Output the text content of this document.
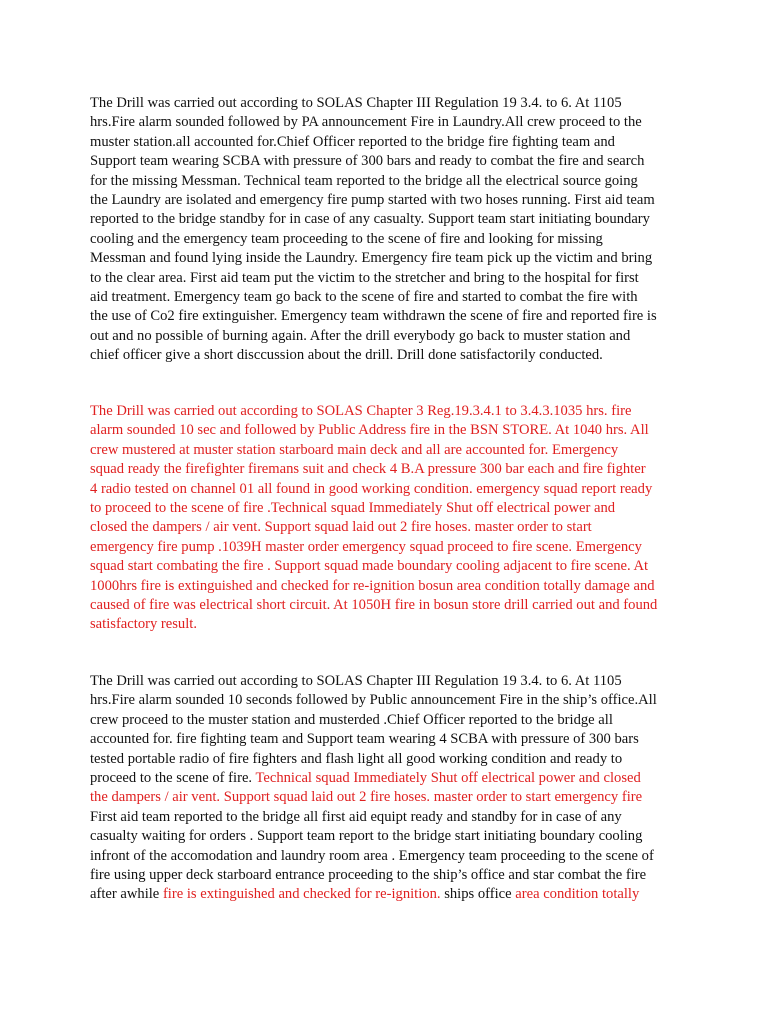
The Drill was carried out according to SOLAS Chapter III Regulation 19 3.4. to 6. At 1105
hrs.Fire alarm sounded followed by PA announcement Fire in Laundry.All crew proceed to the
muster station.all accounted for.Chief Officer reported to the bridge fire fighting team and
Support team wearing SCBA with pressure of 300 bars and ready to combat the fire and search
for the missing Messman. Technical team reported to the bridge all the electrical source going
the Laundry are isolated and emergency fire pump started with two hoses running. First aid team
reported to the bridge standby for in case of any casualty. Support team start initiating boundary
cooling and the emergency team proceeding to the scene of fire and looking for missing
Messman and found lying inside the Laundry. Emergency fire team pick up the victim and bring
to the clear area. First aid team put the victim to the stretcher and bring to the hospital for first
aid treatment. Emergency team go back to the scene of fire and started to combat the fire with
the use of Co2 fire extinguisher. Emergency team withdrawn the scene of fire and reported fire is
out and no possible of burning again. After the drill everybody go back to muster station and
chief officer give a short disccussion about the drill. Drill done satisfactorily conducted.
The Drill was carried out according to SOLAS Chapter 3 Reg.19.3.4.1 to 3.4.3.1035 hrs. fire
alarm sounded 10 sec and followed by Public Address fire in the BSN STORE. At 1040 hrs. All
crew mustered at muster station starboard main deck and all are accounted for. Emergency
squad ready the firefighter firemans suit and check 4 B.A pressure 300 bar each and fire fighter
4 radio tested on channel 01 all found in good working condition. emergency squad report ready
to proceed to the scene of fire .Technical squad Immediately Shut off electrical power and
closed the dampers / air vent. Support squad laid out 2 fire hoses. master order to start
emergency fire pump .1039H master order emergency squad proceed to fire scene. Emergency
squad start combating the fire . Support squad made boundary cooling adjacent to fire scene. At
1000hrs fire is extinguished and checked for re-ignition bosun area condition totally damage and
caused of fire was electrical short circuit. At 1050H fire in bosun store drill carried out and found
satisfactory result.
The Drill was carried out according to SOLAS Chapter III Regulation 19 3.4. to 6. At 1105
hrs.Fire alarm sounded 10 seconds followed by Public announcement Fire in the ship’s office.All
crew proceed to the muster station and musterded .Chief Officer reported to the bridge all
accounted for. fire fighting team and Support team wearing 4 SCBA with pressure of 300 bars
tested portable radio of fire fighters and flash light all good working condition and ready to
proceed to the scene of fire. Technical squad Immediately Shut off electrical power and closed
the dampers / air vent. Support squad laid out 2 fire hoses. master order to start emergency fire
First aid team reported to the bridge all first aid equipt ready and standby for in case of any
casualty waiting for orders . Support team report to the bridge start initiating boundary cooling
infront of the accomodation and laundry room area . Emergency team proceeding to the scene of
fire using upper deck starboard entrance proceeding to the ship’s office and star combat the fire
after awhile fire is extinguished and checked for re-ignition. ships office area condition totally
